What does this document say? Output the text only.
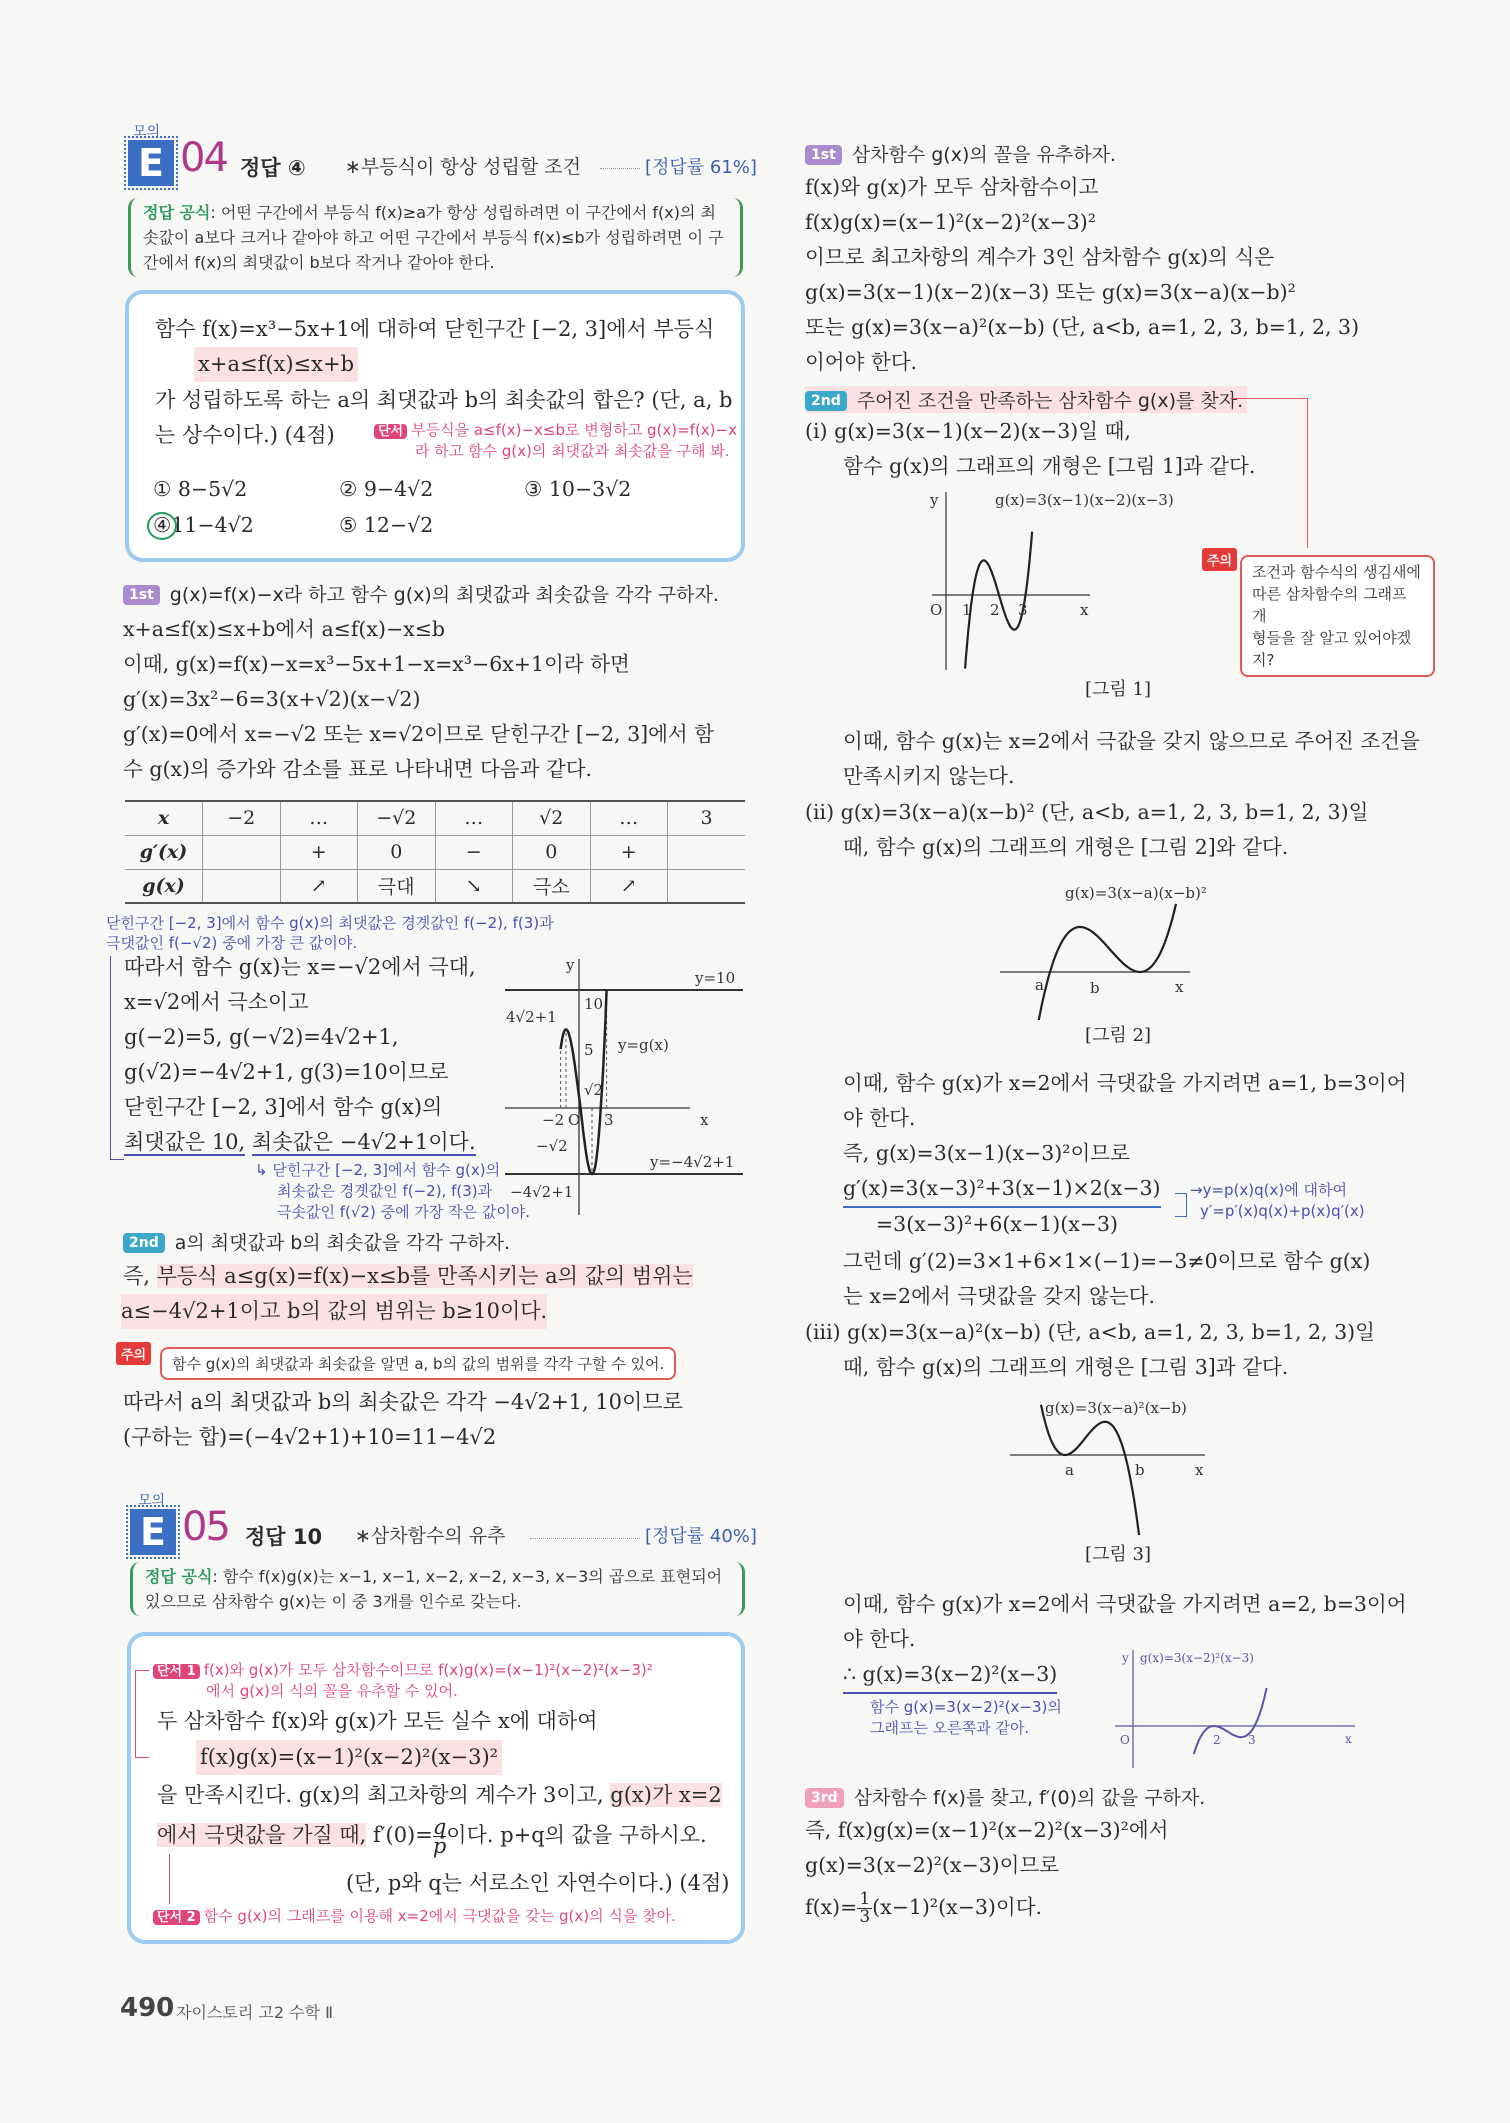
모의
E 04 정답 ④ ∗부등식이 항상 성립할 조건	[정답률 61%]
정답 공식: 어떤 구간에서 부등식 f(x)≥a가 항상 성립하려면 이 구간에서 f(x)의 최솟값이 a보다 크거나 같아야 하고 어떤 구간에서 부등식 f(x)≤b가 성립하려면 이 구간에서 f(x)의 최댓값이 b보다 작거나 같아야 한다.
함수 f(x)=x³−5x+1에 대하여 닫힌구간 [−2, 3]에서 부등식
x+a≤f(x)≤x+b
가 성립하도록 하는 a의 최댓값과 b의 최솟값의 합은? (단, a, b
는 상수이다.) (4점)	단서 부등식을 a≤f(x)−x≤b로 변형하고 g(x)=f(x)−x
라 하고 함수 g(x)의 최댓값과 최솟값을 구해 봐.
① 8−5√2	② 9−4√2	③ 10−3√2
④11−4√2	⑤ 12−√2
1st g(x)=f(x)−x라 하고 함수 g(x)의 최댓값과 최솟값을 각각 구하자.
x+a≤f(x)≤x+b에서 a≤f(x)−x≤b
이때, g(x)=f(x)−x=x³−5x+1−x=x³−6x+1이라 하면
g′(x)=3x²−6=3(x+√2)(x−√2)
g′(x)=0에서 x=−√2 또는 x=√2이므로 닫힌구간 [−2, 3]에서 함
수 g(x)의 증가와 감소를 표로 나타내면 다음과 같다.
x	−2	…	−√2	…	√2	…	3
g′(x)		+	0	−	0	+	
g(x)		↗	극대	↘	극소	↗	
닫힌구간 [−2, 3]에서 함수 g(x)의 최댓값은 경곗값인 f(−2), f(3)과
극댓값인 f(−√2) 중에 가장 큰 값이야.
따라서 함수 g(x)는 x=−√2에서 극대,
x=√2에서 극소이고
g(−2)=5, g(−√2)=4√2+1,
g(√2)=−4√2+1, g(3)=10이므로
닫힌구간 [−2, 3]에서 함수 g(x)의
최댓값은 10, 최솟값은 −4√2+1이다.
↳ 닫힌구간 [−2, 3]에서 함수 g(x)의
최솟값은 경곗값인 f(−2), f(3)과
극솟값인 f(√2) 중에 가장 작은 값이야.
y
x
O
y=10
y=−4√2+1
y=g(x)
10
4√2+1
5
√2
−2	3
−√2
−4√2+1
2nd a의 최댓값과 b의 최솟값을 각각 구하자.
즉, 부등식 a≤g(x)=f(x)−x≤b를 만족시키는 a의 값의 범위는
a≤−4√2+1이고 b의 값의 범위는 b≥10이다.
함수 g(x)의 최댓값과 최솟값을 알면 a, b의 값의 범위를 각각 구할 수 있어.
주의
따라서 a의 최댓값과 b의 최솟값은 각각 −4√2+1, 10이므로
(구하는 합)=(−4√2+1)+10=11−4√2
모의
E 05 정답 10 ∗삼차함수의 유추	[정답률 40%]
정답 공식: 함수 f(x)g(x)는 x−1, x−1, x−2, x−2, x−3, x−3의 곱으로 표현되어 있으므로 삼차함수 g(x)는 이 중 3개를 인수로 갖는다.
단서 1 f(x)와 g(x)가 모두 삼차함수이므로 f(x)g(x)=(x−1)²(x−2)²(x−3)²
에서 g(x)의 식의 꼴을 유추할 수 있어.
두 삼차함수 f(x)와 g(x)가 모든 실수 x에 대하여
f(x)g(x)=(x−1)²(x−2)²(x−3)²
을 만족시킨다. g(x)의 최고차항의 계수가 3이고, g(x)가 x=2
에서 극댓값을 가질 때, $f'(0)= \frac{q}{p}$ 이다. p+q의 값을 구하시오.
(단, p와 q는 서로소인 자연수이다.) (4점)
단서 2 함수 g(x)의 그래프를 이용해 x=2에서 극댓값을 갖는 g(x)의 식을 찾아.
490 자이스토리 고2 수학 Ⅱ
1st 삼차함수 g(x)의 꼴을 유추하자.
f(x)와 g(x)가 모두 삼차함수이고
f(x)g(x)=(x−1)²(x−2)²(x−3)²
이므로 최고차항의 계수가 3인 삼차함수 g(x)의 식은
g(x)=3(x−1)(x−2)(x−3) 또는 g(x)=3(x−a)(x−b)²
또는 g(x)=3(x−a)²(x−b) (단, a<b, a=1, 2, 3, b=1, 2, 3)
이어야 한다.
2nd 주어진 조건을 만족하는 삼차함수 g(x)를 찾자.
(i) g(x)=3(x−1)(x−2)(x−3)일 때,
함수 g(x)의 그래프의 개형은 [그림 1]과 같다.
g(x)=3(x−1)(x−2)(x−3)
y
x
O 1 2 3
[그림 1]
주의
조건과 함수식의 생김새에
따른 삼차함수의 그래프 개
형들을 잘 알고 있어야겠지?
이때, 함수 g(x)는 x=2에서 극값을 갖지 않으므로 주어진 조건을
만족시키지 않는다.
(ii) g(x)=3(x−a)(x−b)² (단, a<b, a=1, 2, 3, b=1, 2, 3)일
때, 함수 g(x)의 그래프의 개형은 [그림 2]와 같다.
g(x)=3(x−a)(x−b)²
a	b	x
[그림 2]
이때, 함수 g(x)가 x=2에서 극댓값을 가지려면 a=1, b=3이어
야 한다.
즉, g(x)=3(x−1)(x−3)²이므로
g′(x)=3(x−3)²+3(x−1)×2(x−3)
=3(x−3)²+6(x−1)(x−3)
→y=p(x)q(x)에 대하여
y′=p′(x)q(x)+p(x)q′(x)
그런데 g′(2)=3×1+6×1×(−1)=−3≠0이므로 함수 g(x)
는 x=2에서 극댓값을 갖지 않는다.
(iii) g(x)=3(x−a)²(x−b) (단, a<b, a=1, 2, 3, b=1, 2, 3)일
때, 함수 g(x)의 그래프의 개형은 [그림 3]과 같다.
g(x)=3(x−a)²(x−b)
a	b	x
[그림 3]
이때, 함수 g(x)가 x=2에서 극댓값을 가지려면 a=2, b=3이어
야 한다.
∴ g(x)=3(x−2)²(x−3)
함수 g(x)=3(x−2)²(x−3)의
그래프는 오른쪽과 같아.
g(x)=3(x−2)²(x−3)
y
x
O	2 3
3rd 삼차함수 f(x)를 찾고, f′(0)의 값을 구하자.
즉, f(x)g(x)=(x−1)²(x−2)²(x−3)²에서
g(x)=3(x−2)²(x−3)이므로
$f(x)= \frac{1}{3} (x-1)^2(x-3)$이다.
